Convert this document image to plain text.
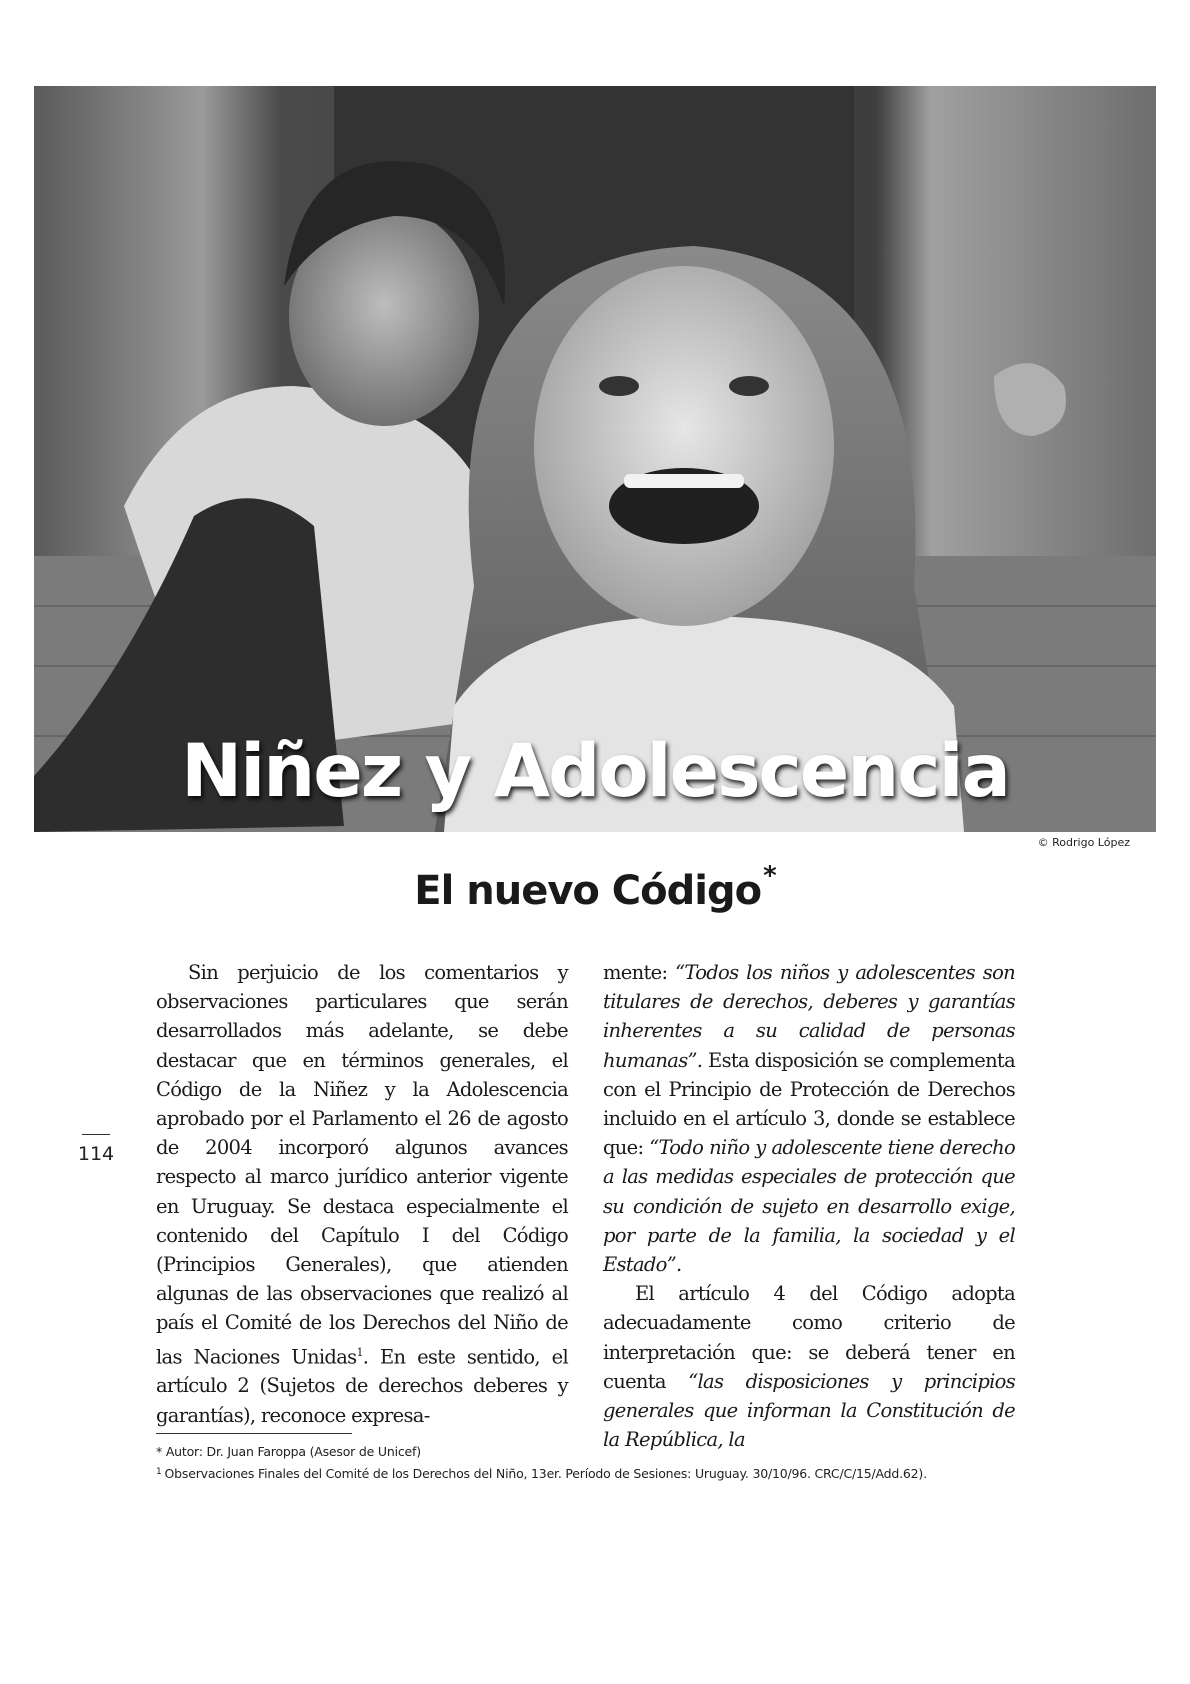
Niñez y Adolescencia
© Rodrigo López
El nuevo Código*
114

Sin perjuicio de los comentarios y observaciones particulares que serán desarrollados más adelante, se debe destacar que en términos generales, el Código de la Niñez y la Adolescencia aprobado por el Parlamento el 26 de agosto de 2004 incorporó algunos avances respecto al marco jurídico anterior vigente en Uruguay. Se destaca especialmente el contenido del Capítulo I del Código (Principios Generales), que atienden algunas de las observaciones que realizó al país el Comité de los Derechos del Niño de las Naciones Unidas$^1$. En este sentido, el artículo 2 (Sujetos de derechos deberes y garantías), reconoce expresa-

mente: “Todos los niños y adolescentes son titulares de derechos, deberes y garantías inherentes a su calidad de personas humanas”. Esta disposición se complementa con el Principio de Protección de Derechos incluido en el artículo 3, donde se establece que: “Todo niño y adolescente tiene derecho a las medidas especiales de protección que su condición de sujeto en desarrollo exige, por parte de la familia, la sociedad y el Estado”.

El artículo 4 del Código adopta adecuadamente como criterio de interpretación que: se deberá tener en cuenta “las disposiciones y principios generales que informan la Constitución de la República, la

* Autor: Dr. Juan Faroppa (Asesor de Unicef)
$^1$ Observaciones Finales del Comité de los Derechos del Niño, 13er. Período de Sesiones: Uruguay. 30/10/96. CRC/C/15/Add.62).
